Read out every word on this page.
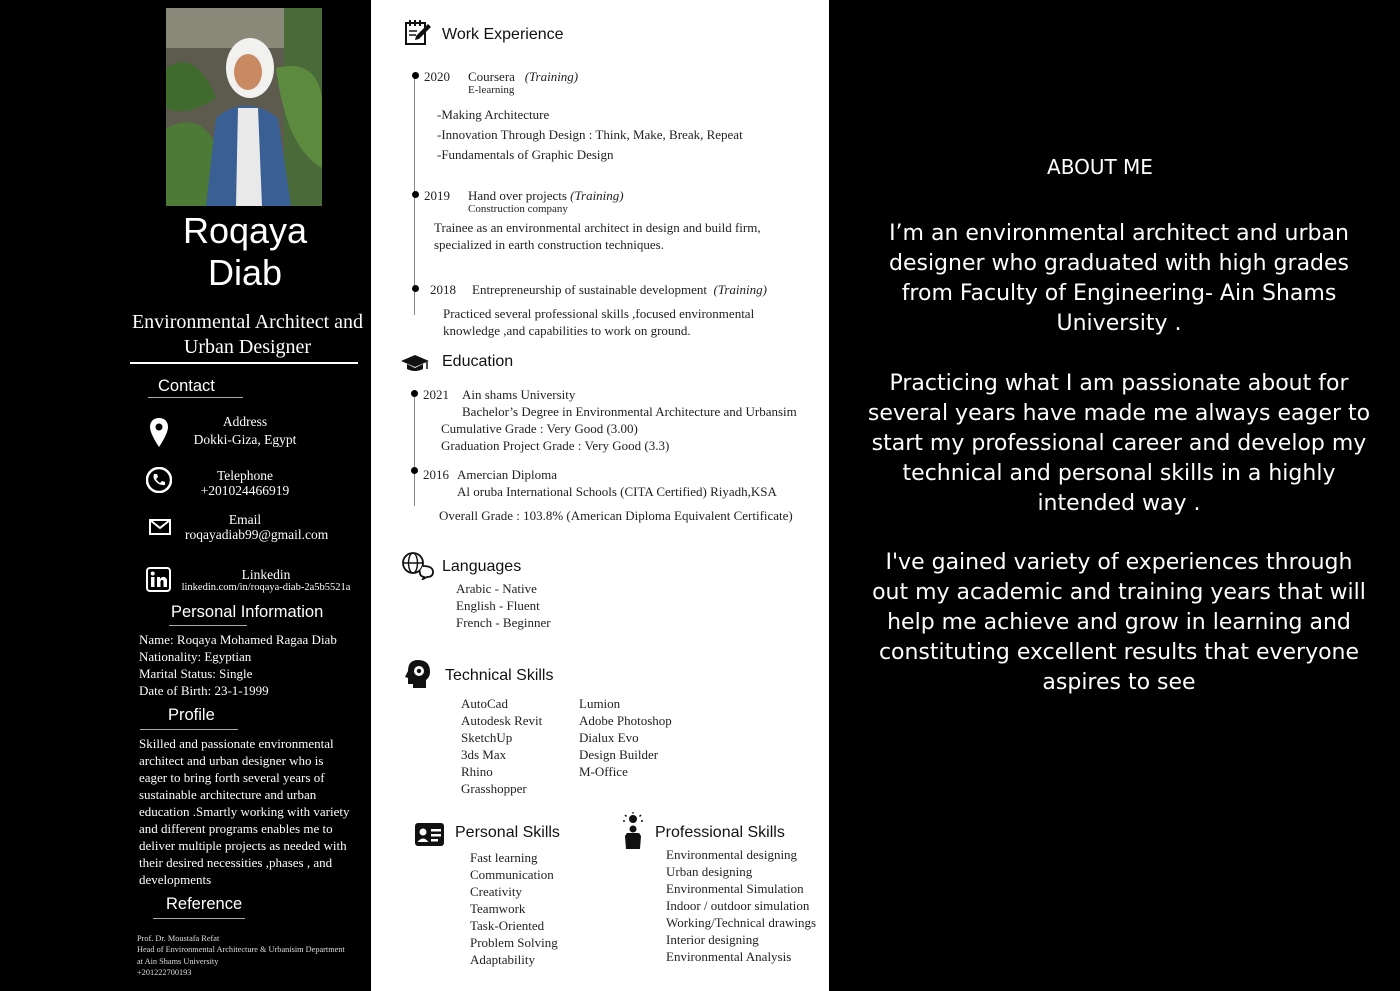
Roqaya
Diab
Environmental Architect and Urban Designer
Contact
Address
Dokki-Giza, Egypt
Telephone
+201024466919
Email
roqayadiab99@gmail.com
Linkedin
linkedin.com/in/roqaya-diab-2a5b5521a
Personal Information
Name: Roqaya Mohamed Ragaa Diab
Nationality: Egyptian
Marital Status: Single
Date of Birth: 23-1-1999
Profile
Skilled and passionate environmental
architect and urban designer who is
eager to bring forth several years of
sustainable architecture and urban
education .Smartly working with variety
and different programs enables me to
deliver multiple projects as needed with
their desired necessities ,phases , and
developments
Reference
Prof. Dr. Moustafa Refat
Head of Environmental Architecture & Urbanisim Department
at Ain Shams University
+201222700193
Work Experience
2020 Coursera (Training)
E-learning
-Making Architecture
-Innovation Through Design : Think, Make, Break, Repeat
-Fundamentals of Graphic Design
2019 Hand over projects (Training)
Construction company
Trainee as an environmental architect in design and build firm,
specialized in earth construction techniques.
2018 Entrepreneurship of sustainable development (Training)
Practiced several professional skills ,focused environmental
knowledge ,and capabilities to work on ground.
Education
2021 Ain shams University
Bachelor’s Degree in Environmental Architecture and Urbansim
Cumulative Grade : Very Good (3.00)
Graduation Project Grade : Very Good (3.3)
2016 Amercian Diploma
Al oruba International Schools (CITA Certified) Riyadh,KSA
Overall Grade : 103.8% (American Diploma Equivalent Certificate)
Languages
Arabic - Native
English - Fluent
French - Beginner
Technical Skills
AutoCad
Autodesk Revit
SketchUp
3ds Max
Rhino
Grasshopper
Lumion
Adobe Photoshop
Dialux Evo
Design Builder
M-Office
Personal Skills
Fast learning
Communication
Creativity
Teamwork
Task-Oriented
Problem Solving
Adaptability
Professional Skills
Environmental designing
Urban designing
Environmental Simulation
Indoor / outdoor simulation
Working/Technical drawings
Interior designing
Environmental Analysis
ABOUT ME
I’m an environmental architect and urban designer who graduated with high grades from Faculty of Engineering- Ain Shams University .
Practicing what I am passionate about for several years have made me always eager to start my professional career and develop my technical and personal skills in a highly intended way .
I've gained variety of experiences through out my academic and training years that will help me achieve and grow in learning and constituting excellent results that everyone aspires to see
